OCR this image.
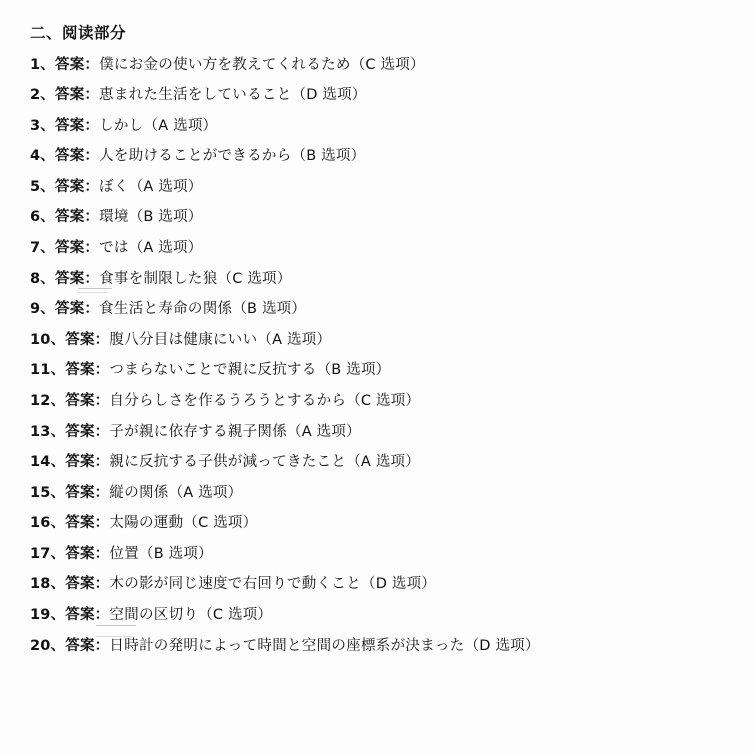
二、阅读部分
1、答案：僕にお金の使い方を教えてくれるため（C 选项）
2、答案：恵まれた生活をしていること（D 选项）
3、答案：しかし（A 选项）
4、答案：人を助けることができるから（B 选项）
5、答案：ぼく（A 选项）
6、答案：環境（B 选项）
7、答案：では（A 选项）
8、答案：食事を制限した狼（C 选项）
9、答案：食生活と寿命の関係（B 选项）
10、答案：腹八分目は健康にいい（A 选项）
11、答案：つまらないことで親に反抗する（B 选项）
12、答案：自分らしさを作るうろうとするから（C 选项）
13、答案：子が親に依存する親子関係（A 选项）
14、答案：親に反抗する子供が減ってきたこと（A 选项）
15、答案：縦の関係（A 选项）
16、答案：太陽の運動（C 选项）
17、答案：位置（B 选项）
18、答案：木の影が同じ速度で右回りで動くこと（D 选项）
19、答案：空間の区切り（C 选项）
20、答案：日時計の発明によって時間と空間の座標系が決まった（D 选项）
